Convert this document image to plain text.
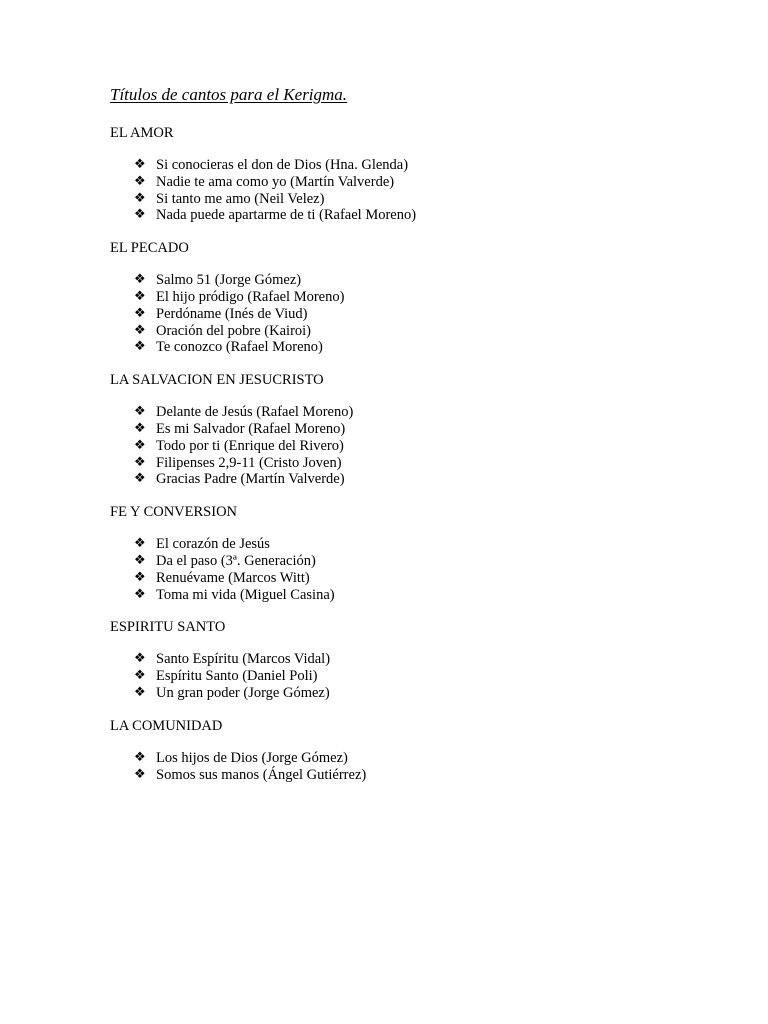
Títulos de cantos para el Kerigma.
EL AMOR
❖ Si conocieras el don de Dios (Hna. Glenda)
❖ Nadie te ama como yo (Martín Valverde)
❖ Si tanto me amo (Neil Velez)
❖ Nada puede apartarme de ti (Rafael Moreno)
EL PECADO
❖ Salmo 51 (Jorge Gómez)
❖ El hijo pródigo (Rafael Moreno)
❖ Perdóname (Inés de Viud)
❖ Oración del pobre (Kairoi)
❖ Te conozco (Rafael Moreno)
LA SALVACION EN JESUCRISTO
❖ Delante de Jesús (Rafael Moreno)
❖ Es mi Salvador (Rafael Moreno)
❖ Todo por ti (Enrique del Rivero)
❖ Filipenses 2,9-11 (Cristo Joven)
❖ Gracias Padre (Martín Valverde)
FE Y CONVERSION
❖ El corazón de Jesús
❖ Da el paso (3ª. Generación)
❖ Renuévame (Marcos Witt)
❖ Toma mi vida (Miguel Casina)
ESPIRITU SANTO
❖ Santo Espíritu (Marcos Vidal)
❖ Espíritu Santo (Daniel Poli)
❖ Un gran poder (Jorge Gómez)
LA COMUNIDAD
❖ Los hijos de Dios (Jorge Gómez)
❖ Somos sus manos (Ángel Gutiérrez)
